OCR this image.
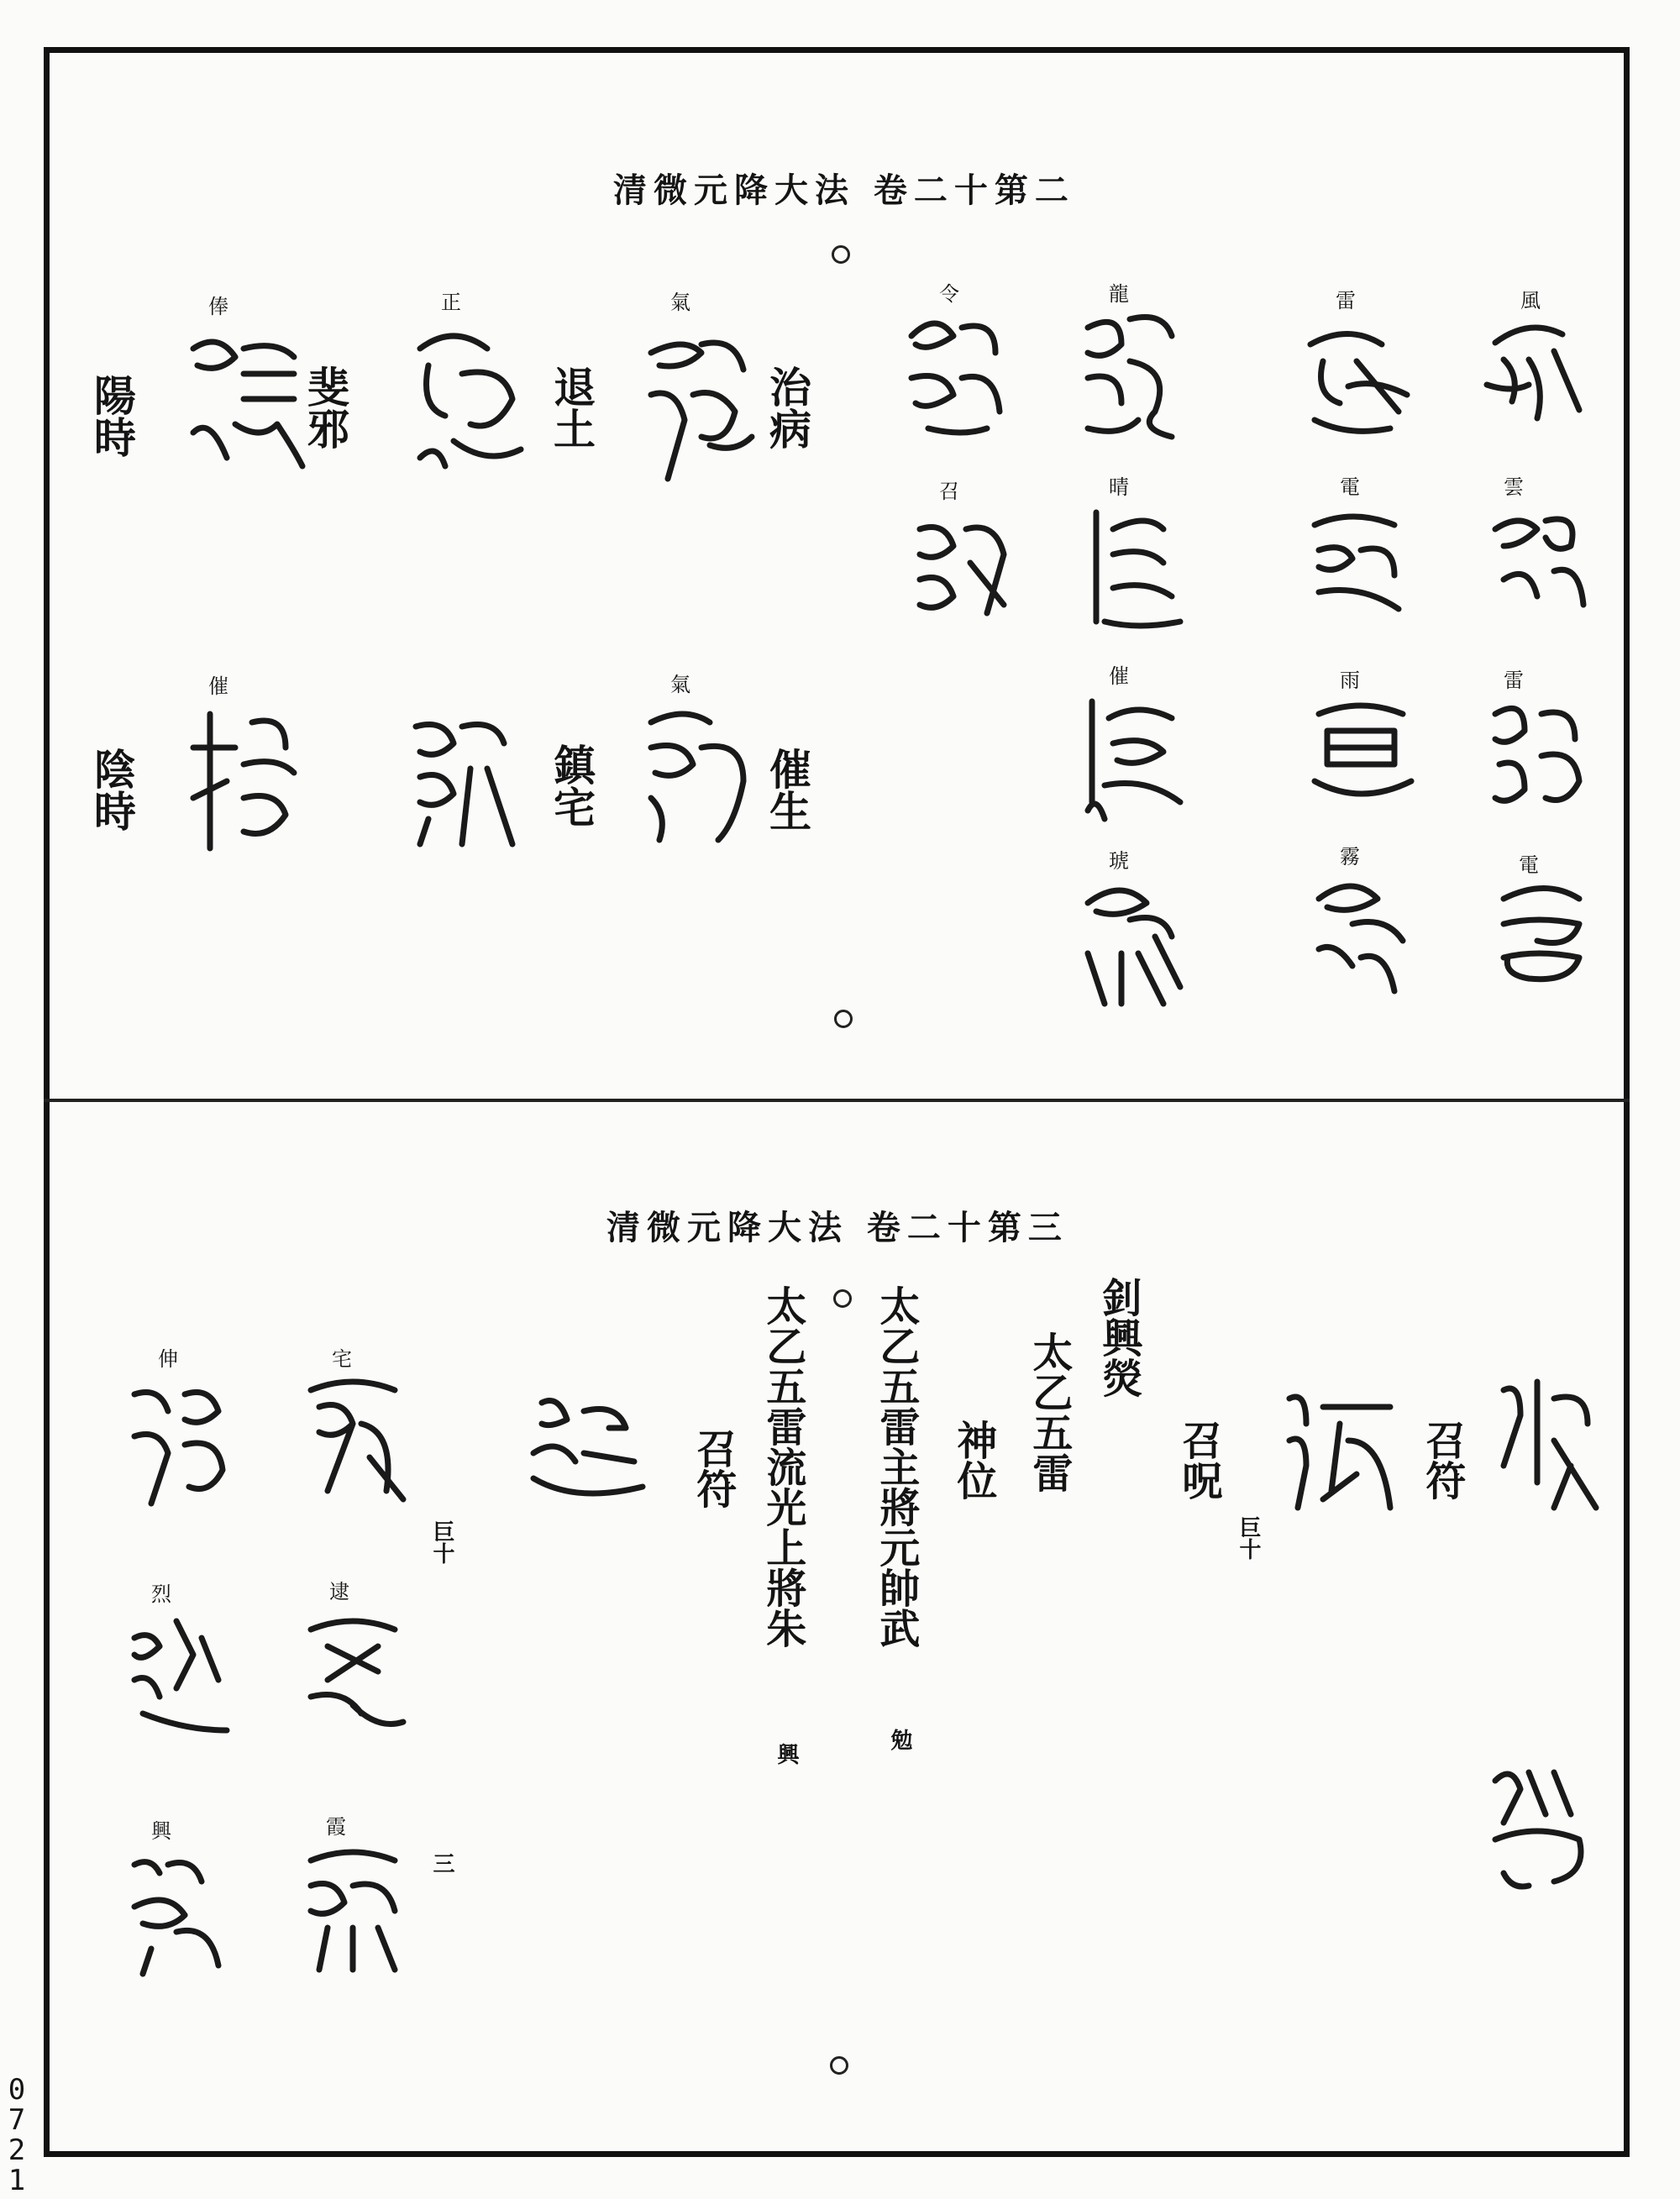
清微元降大法 卷二十第二
風
雲
雷
電
雷
電
雨
霧
龍
晴
催
琥
令
召
氣
氣
正
俸
催
治病
催生
退土
鎮宅
斐邪
陽時
陰時
清微元降大法 卷二十第三
召符
召呪
巨十
釗興熒
太乙五雷
神位
太乙五雷主將元帥武
勉
太乙五雷流光上將朱
興
召符
巨十
三
宅
伸
逮
烈
霞
興
0
7
2
1
